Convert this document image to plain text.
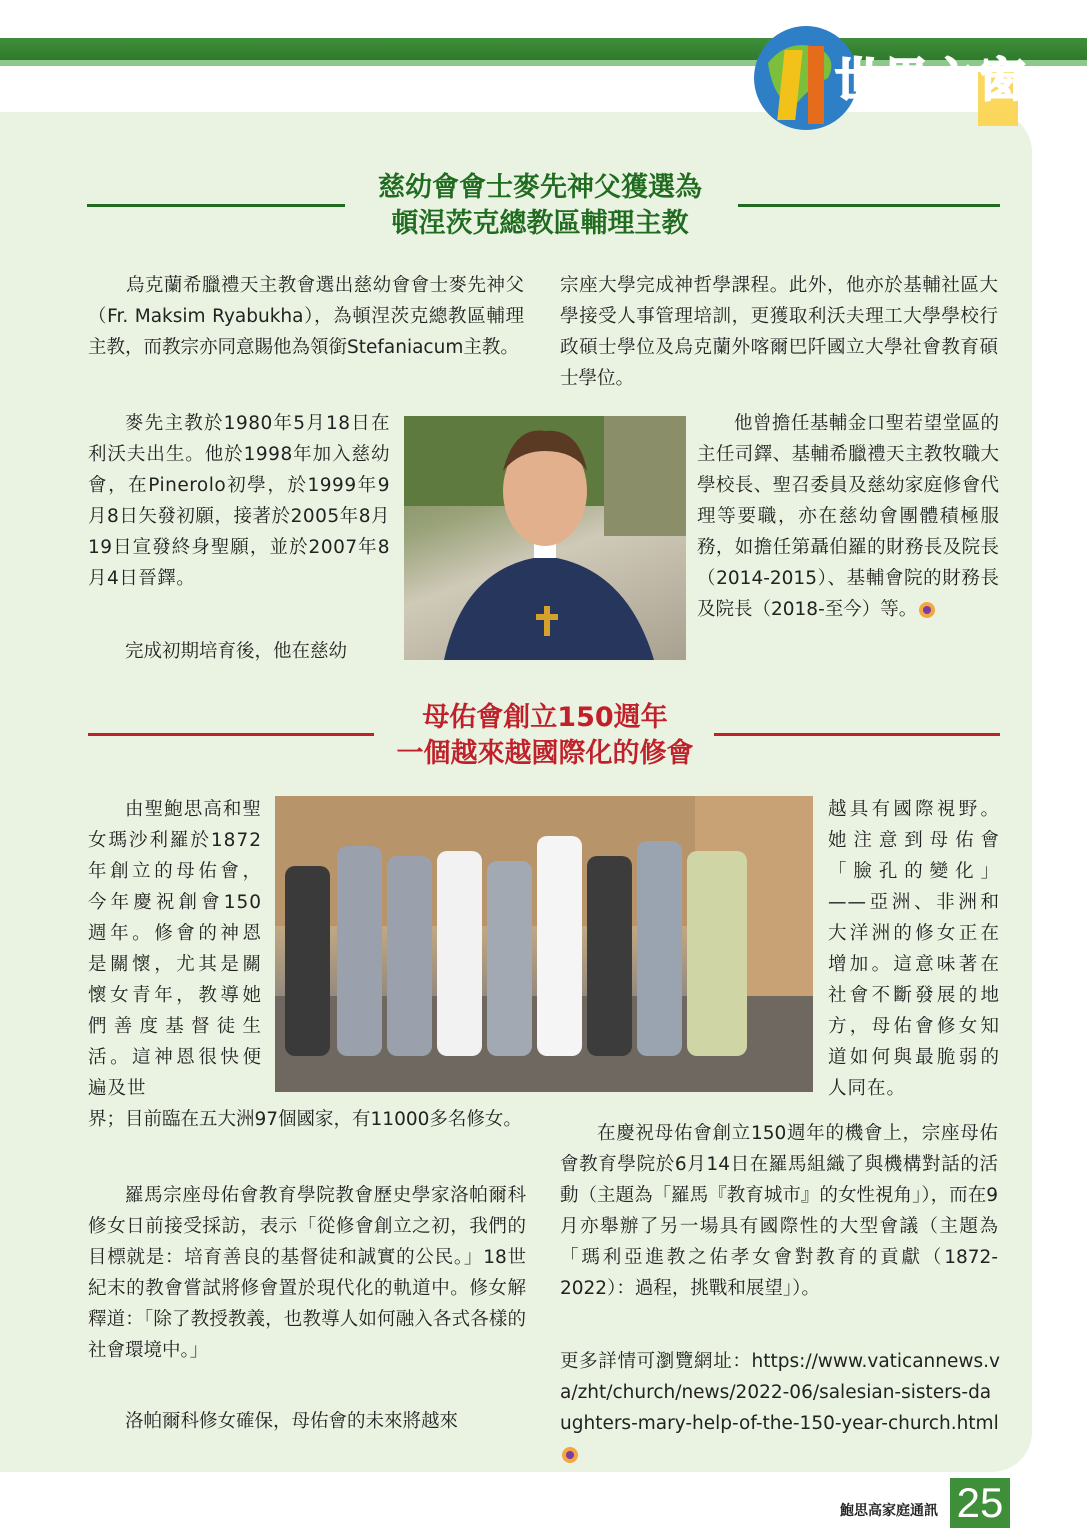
世界之窗
慈幼會會士麥先神父獲選為
頓涅茨克總教區輔理主教

　　烏克蘭希臘禮天主教會選出慈幼會會士麥先神父（Fr. Maksim Ryabukha），為頓涅茨克總教區輔理主教，而教宗亦同意賜他為領銜Stefaniacum主教。

宗座大學完成神哲學課程。此外，他亦於基輔社區大學接受人事管理培訓，更獲取利沃夫理工大學學校行政碩士學位及烏克蘭外喀爾巴阡國立大學社會教育碩士學位。

麥先主教於1980年5月18日在利沃夫出生。他於1998年加入慈幼會，在Pinerolo初學，於1999年9月8日矢發初願，接著於2005年8月19日宣發終身聖願，並於2007年8月4日晉鐸。

完成初期培育後，他在慈幼

他曾擔任基輔金口聖若望堂區的主任司鐸、基輔希臘禮天主教牧職大學校長、聖召委員及慈幼家庭修會代理等要職，亦在慈幼會團體積極服務，如擔任第聶伯羅的財務長及院長（2014-2015）、基輔會院的財務長及院長（2018-至今）等。

母佑會創立150週年
一個越來越國際化的修會

由聖鮑思高和聖女瑪沙利羅於1872年創立的母佑會，今年慶祝創會150週年。修會的神恩是關懷，尤其是關懷女青年，教導她們善度基督徒生活。這神恩很快便遍及世

越具有國際視野。她注意到母佑會「臉孔的變化」——亞洲、非洲和大洋洲的修女正在增加。這意味著在社會不斷發展的地方，母佑會修女知道如何與最脆弱的人同在。

界；目前臨在五大洲97個國家，有11000多名修女。

羅馬宗座母佑會教育學院教會歷史學家洛帕爾科修女日前接受採訪，表示「從修會創立之初，我們的目標就是：培育善良的基督徒和誠實的公民。」18世紀末的教會嘗試將修會置於現代化的軌道中。修女解釋道：「除了教授教義，也教導人如何融入各式各樣的社會環境中。」

洛帕爾科修女確保，母佑會的未來將越來

在慶祝母佑會創立150週年的機會上，宗座母佑會教育學院於6月14日在羅馬組織了與機構對話的活動（主題為「羅馬『教育城市』的女性視角」），而在9月亦舉辦了另一場具有國際性的大型會議（主題為「瑪利亞進教之佑孝女會對教育的貢獻（1872-2022）：過程，挑戰和展望」）。

更多詳情可瀏覽網址：https://www.vaticannews.va/zht/church/news/2022-06/salesian-sisters-daughters-mary-help-of-the-150-year-church.html

鮑思高家庭通訊 25
